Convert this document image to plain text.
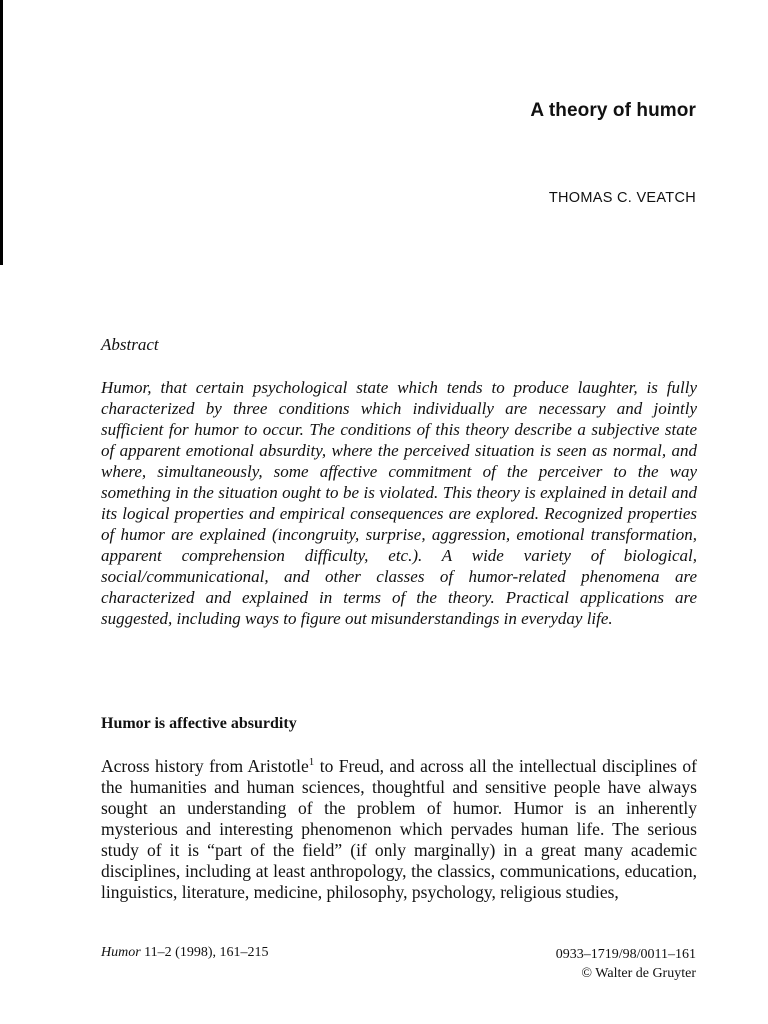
A theory of humor

THOMAS C. VEATCH

Abstract

Humor, that certain psychological state which tends to produce laughter, is fully characterized by three conditions which individually are necessary and jointly sufficient for humor to occur. The conditions of this theory describe a subjective state of apparent emotional absurdity, where the perceived situation is seen as normal, and where, simultaneously, some affective commitment of the perceiver to the way something in the situation ought to be is violated. This theory is explained in detail and its logical properties and empirical consequences are explored. Recognized properties of humor are explained (incongruity, surprise, aggression, emotional transformation, apparent comprehension difficulty, etc.). A wide variety of biological, social/communicational, and other classes of humor-related phenomena are characterized and explained in terms of the theory. Practical applications are suggested, including ways to figure out misunderstandings in everyday life.

Humor is affective absurdity

Across history from Aristotle$^1$ to Freud, and across all the intellectual disciplines of the humanities and human sciences, thoughtful and sensitive people have always sought an understanding of the problem of humor. Humor is an inherently mysterious and interesting phenomenon which pervades human life. The serious study of it is “part of the field” (if only marginally) in a great many academic disciplines, including at least anthropology, the classics, communications, education, linguistics, literature, medicine, philosophy, psychology, religious studies,

Humor 11–2 (1998), 161–215	0933–1719/98/0011–161
© Walter de Gruyter
